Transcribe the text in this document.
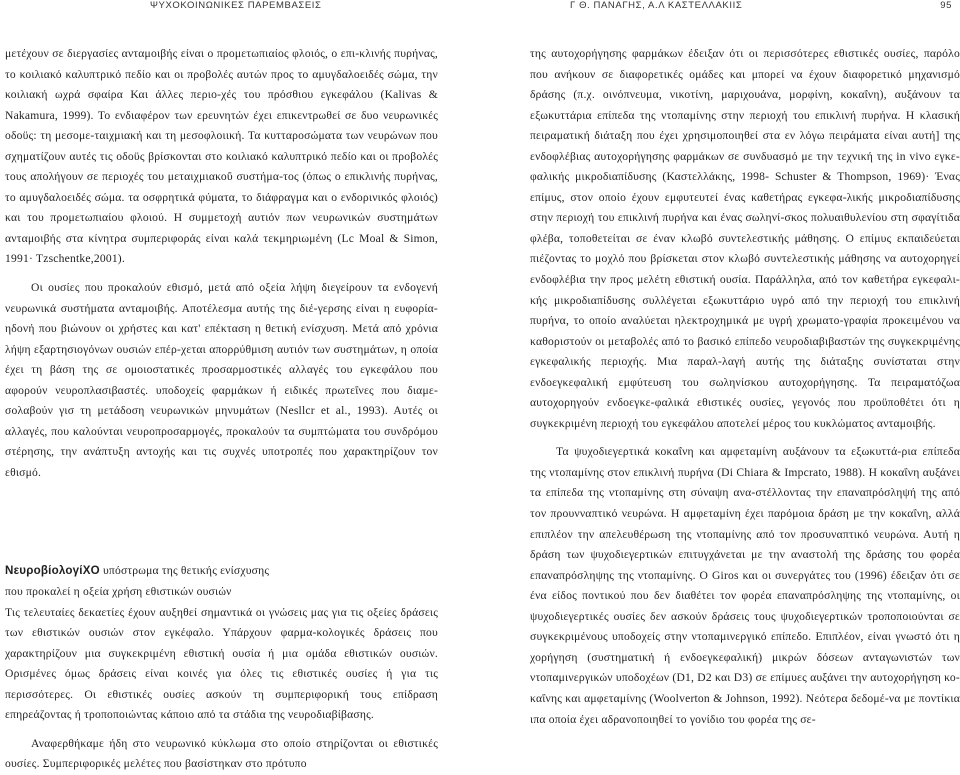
ΨΥΧΟΚΟΙΝΩΝΙΚΕΣ ΠΑΡΕΜΒΑΣΕΙΣ	Γ Θ. ΠΑΝΑΓΗΣ, Α.Λ ΚΑΣΤΕΛΛΑΚΙΙΣ	95

μετέχουν σε διεργασίες ανταμοιβής είναι ο προμετωπιαίος φλοιός, ο επι-κλινής πυρήνας, το κοιλιακό καλυπτρικό πεδίο και οι προβολές αυτών προς το αμυγδαλοειδές σώμα, την κοιλιακή ωχρά σφαίρα Και άλλες περιο-χές του πρόσθιου εγκεφάλου (Kalivas & Nakamura, 1999). Το ενδιαφέρον των ερευνητών έχει επικεντρωθεί σε δυο νευρωνικές οδοϋς: τη μεσομε-ταιχμιακή και τη μεσοφλοιική. Τα κυτταροσώματα των νευρώνων που σχηματίζουν αυτές τις οδοϋς βρίσκονται στο κοιλιακό καλυπτρικό πεδίο και οι προβολές τους απολήγουν σε περιοχές του μεταιχμιακοΰ συστήμα-τος (όπως ο επικλινής πυρήνας, το αμυγδαλοειδές σώμα. τα οσφρητικά φύματα, το διάφραγμα και ο ενδορινικός φλοιός) και του προμετωπιαίου φλοιού. Η συμμετοχή αυτιόν πων νευρωνικών συστημάτων ανταμοιβής στα κίνητρα συμπεριφοράς είναι καλά τεκμηριωμένη (Lc Moal & Simon, 1991· Tzschentke,2001).

Οι ουσίες που προκαλούν εθισμό, μετά από οξεία λήψη διεγείρουν τα ενδογενή νευρωνικά συστήματα ανταμοιβής. Αποτέλεσμα αυτής της διέ-γερσης είναι η ευφορία-ηδονή που βιώνουν οι χρήστες και κατ' επέκταση η θετική ενίσχυση. Μετά από χρόνια λήψη εξαρτησιογόνων ουσιών επέρ-χεται απορρύθμιση αυτιόν των συστημάτων, η οποία έχει τη βάση της σε ομοιοστατικές προσαρμοστικές αλλαγές του εγκεφάλου που αφορούν νευροπλασιβαστές. υποδοχείς φαρμάκων ή ειδικές πρωτεΐνες που διαμε-σολαβούν γισ τη μετάδοση νευρωνικών μηνυμάτων (Nesllcr et al., 1993). Αυτές οι αλλαγές, που καλούνται νευροπροσαρμογές, προκαλούν τα συμπτώματα του συνδρόμου στέρησης, την ανάπτυξη αντοχής και τις συχνές υποτροπές που χαρακτηρίζουν τον εθισμό.

ΝευροβίολογίΧΟ υπόστρωμα της θετικής ενίσχυσης
που προκαλεί η οξεία χρήση εθιστικών ουσιών

Τις τελευταίες δεκαετίες έχουν αυξηθεί σημαντικά οι γνώσεις μας για τις οξείες δράσεις των εθιστικών ουσιών στον εγκέφαλο. Υπάρχουν φαρμα-κολογικές δράσεις που χαρακτηρίζουν μια συγκεκριμένη εθιστική ουσία ή μια ομάδα εθιστικών ουσιών. Ορισμένες όμως δράσεις είναι κοινές για όλες τις εθιστικές ουσίες ή για τις περισσότερες. Οι εθιστικές ουσίες ασκούν τη συμπεριφορική τους επίδραση επηρεάζοντας ή τροποποιώντας κάποιο από τα στάδια της νευροδιαβίβασης.

Αναφερθήκαμε ήδη στο νευρωνικό κύκλωμα στο οποίο στηρίζονται οι εθιστικές ουσίες. Συμπεριφορικές μελέτες που βασίστηκαν στο πρότυπο

της αυτοχορήγησης φαρμάκων έδειξαν ότι οι περισσότερες εθιστικές ουσίες, παρόλο που ανήκουν σε διαφορετικές ομάδες και μπορεί να έχουν διαφορετικό μηχανισμό δράσης (π.χ. οινόπνευμα, νικοτίνη, μαριχουάνα, μορφίνη, κοκαΐνη), αυξάνουν τα εξωκυττάρια επίπεδα της ντοπαμίνης στην περιοχή του επικλινή πυρήνα. Η κλασική πειραματική διάταξη που έχει χρησιμοποιηθεί στα εν λόγω πειράματα είναι αυτή] της ενδοφλέβιας αυτοχορήγησης φαρμάκων σε συνδυασμό με την τεχνική της in vivo εγκε-φαλικής μικροδιαπίδυσης (Καστελλάκης, 1998- Schuster & Thompson, 1969)· Ένας επίμυς, στον οποίο έχουν εμφυτευτεί ένας καθετήρας εγκεφα-λικής μικροδιαπίδυσης στην περιοχή του επικλινή πυρήνα και ένας σωληνί-σκος πολυαιθυλενίου στη σφαγίτιδα φλέβα, τοποθετείται σε έναν κλωβό συντελεστικής μάθησης. Ο επίμυς εκπαιδεύεται πιέζοντας το μοχλό που βρίσκεται στον κλωβό συντελεστικής μάθησης να αυτοχορηγεί ενδοφλέβια την προς μελέτη εθιστική ουσία. Παράλληλα, από τον καθετήρα εγκεφαλι-κής μικροδιαπίδυσης συλλέγεται εξωκυττάριο υγρό από την περιοχή του επικλινή πυρήνα, το οποίο αναλύεται ηλεκτροχημικά με υγρή χρωματο-γραφία προκειμένου να καθοριστούν οι μεταβολές από το βασικό επίπεδο νευροδιαβιβαστών της συγκεκριμένης εγκεφαλικής περιοχής. Μια παραλ-λαγή αυτής της διάταξης συνίσταται στην ενδοεγκεφαλική εμφύτευση του σωληνίσκου αυτοχορήγησης. Τα πειραματόζωα αυτοχορηγούν ενδοεγκε-φαλικά εθιστικές ουσίες, γεγονός που προϋποθέτει ότι η συγκεκριμένη περιοχή του εγκεφάλου αποτελεί μέρος του κυκλώματος ανταμοιβής.

Τα ψυχοδιεγερτικά κοκαΐνη και αμφεταμίνη αυξάνουν τα εξωκυττά-ρια επίπεδα της ντοπαμίνης στον επικλινή πυρήνα (Di Chiara & Impcrato, 1988). Η κοκαΐνη αυξάνει τα επίπεδα της ντοπαμίνης στη σύναψη ανα-στέλλοντας την επαναπρόσληψή της από τον προυνναπτικό νευρώνα. Η αμφεταμίνη έχει παρόμοια δράση με την κοκαΐνη, αλλά επιπλέον την απελευθέρωση της ντοπαμίνης από τον προσυναπτικό νευρώνα. Αυτή η δράση των ψυχοδιεγερτικών επιτυγχάνεται με την αναστολή της δράσης του φορέα επαναπρόσληψης της ντοπαμίνης. Ο Giros και οι συνεργάτες του (1996) έδειξαν ότι σε ένα είδος ποντικού που δεν διαθέτει τον φορέα επαναπρόσληψης της ντοπαμίνης, οι ψυχοδιεγερτικές ουσίες δεν ασκούν δράσεις τους ψυχοδιεγερτικών τροποποιούνται σε συγκεκριμένους υποδοχείς στην ντοπαμινεργικό επίπεδο. Επιπλέον, είναι γνωστό ότι η χορήγηση (συστηματική ή ενδοεγκεφαλική) μικρών δόσεων ανταγωνιστών των ντοπαμινεργικών υποδοχέων (D1, D2 και D3) σε επίμυες αυξάνει την αυτοχορήγηση κο-καΐνης και αμφεταμίνης (Woolverton & Johnson, 1992). Νεότερα δεδομέ-να με ποντίκια ιπα οποία έχει αδρανοποιηθεί το γονίδιο του φορέα της σε-
